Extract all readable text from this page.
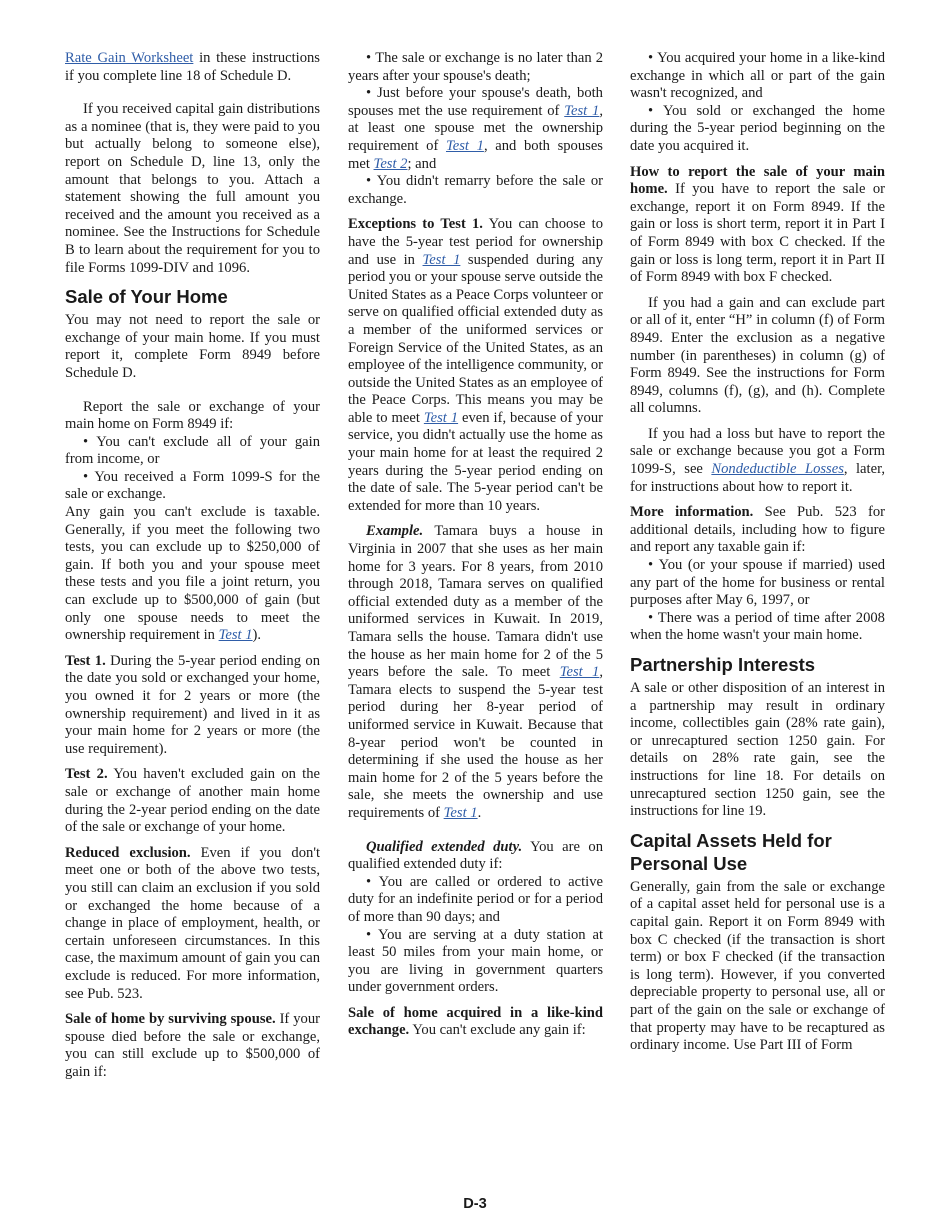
Rate Gain Worksheet in these instructions if you complete line 18 of Schedule D.

If you received capital gain distributions as a nominee (that is, they were paid to you but actually belong to someone else), report on Schedule D, line 13, only the amount that belongs to you. Attach a statement showing the full amount you received and the amount you received as a nominee. See the Instructions for Schedule B to learn about the requirement for you to file Forms 1099-DIV and 1096.

Sale of Your Home

You may not need to report the sale or exchange of your main home. If you must report it, complete Form 8949 before Schedule D.

Report the sale or exchange of your main home on Form 8949 if:

• You can't exclude all of your gain from income, or

• You received a Form 1099-S for the sale or exchange.

Any gain you can't exclude is taxable. Generally, if you meet the following two tests, you can exclude up to $250,000 of gain. If both you and your spouse meet these tests and you file a joint return, you can exclude up to $500,000 of gain (but only one spouse needs to meet the ownership requirement in Test 1).

Test 1. During the 5-year period ending on the date you sold or exchanged your home, you owned it for 2 years or more (the ownership requirement) and lived in it as your main home for 2 years or more (the use requirement).

Test 2. You haven't excluded gain on the sale or exchange of another main home during the 2-year period ending on the date of the sale or exchange of your home.

Reduced exclusion. Even if you don't meet one or both of the above two tests, you still can claim an exclusion if you sold or exchanged the home because of a change in place of employment, health, or certain unforeseen circumstances. In this case, the maximum amount of gain you can exclude is reduced. For more information, see Pub. 523.

Sale of home by surviving spouse. If your spouse died before the sale or exchange, you can still exclude up to $500,000 of gain if:

• The sale or exchange is no later than 2 years after your spouse's death;

• Just before your spouse's death, both spouses met the use requirement of Test 1, at least one spouse met the ownership requirement of Test 1, and both spouses met Test 2; and

• You didn't remarry before the sale or exchange.

Exceptions to Test 1. You can choose to have the 5-year test period for ownership and use in Test 1 suspended during any period you or your spouse serve outside the United States as a Peace Corps volunteer or serve on qualified official extended duty as a member of the uniformed services or Foreign Service of the United States, as an employee of the intelligence community, or outside the United States as an employee of the Peace Corps. This means you may be able to meet Test 1 even if, because of your service, you didn't actually use the home as your main home for at least the required 2 years during the 5-year period ending on the date of sale. The 5-year period can't be extended for more than 10 years.

Example. Tamara buys a house in Virginia in 2007 that she uses as her main home for 3 years. For 8 years, from 2010 through 2018, Tamara serves on qualified official extended duty as a member of the uniformed services in Kuwait. In 2019, Tamara sells the house. Tamara didn't use the house as her main home for 2 of the 5 years before the sale. To meet Test 1, Tamara elects to suspend the 5-year test period during her 8-year period of uniformed service in Kuwait. Because that 8-year period won't be counted in determining if she used the house as her main home for 2 of the 5 years before the sale, she meets the ownership and use requirements of Test 1.

Qualified extended duty. You are on qualified extended duty if:

• You are called or ordered to active duty for an indefinite period or for a period of more than 90 days; and

• You are serving at a duty station at least 50 miles from your main home, or you are living in government quarters under government orders.

Sale of home acquired in a like-kind exchange. You can't exclude any gain if:

• You acquired your home in a like-kind exchange in which all or part of the gain wasn't recognized, and

• You sold or exchanged the home during the 5-year period beginning on the date you acquired it.

How to report the sale of your main home. If you have to report the sale or exchange, report it on Form 8949. If the gain or loss is short term, report it in Part I of Form 8949 with box C checked. If the gain or loss is long term, report it in Part II of Form 8949 with box F checked.

If you had a gain and can exclude part or all of it, enter “H” in column (f) of Form 8949. Enter the exclusion as a negative number (in parentheses) in column (g) of Form 8949. See the instructions for Form 8949, columns (f), (g), and (h). Complete all columns.

If you had a loss but have to report the sale or exchange because you got a Form 1099-S, see Nondeductible Losses, later, for instructions about how to report it.

More information. See Pub. 523 for additional details, including how to figure and report any taxable gain if:

• You (or your spouse if married) used any part of the home for business or rental purposes after May 6, 1997, or

• There was a period of time after 2008 when the home wasn't your main home.

Partnership Interests

A sale or other disposition of an interest in a partnership may result in ordinary income, collectibles gain (28% rate gain), or unrecaptured section 1250 gain. For details on 28% rate gain, see the instructions for line 18. For details on unrecaptured section 1250 gain, see the instructions for line 19.

Capital Assets Held for Personal Use

Generally, gain from the sale or exchange of a capital asset held for personal use is a capital gain. Report it on Form 8949 with box C checked (if the transaction is short term) or box F checked (if the transaction is long term). However, if you converted depreciable property to personal use, all or part of the gain on the sale or exchange of that property may have to be recaptured as ordinary income. Use Part III of Form

D-3
